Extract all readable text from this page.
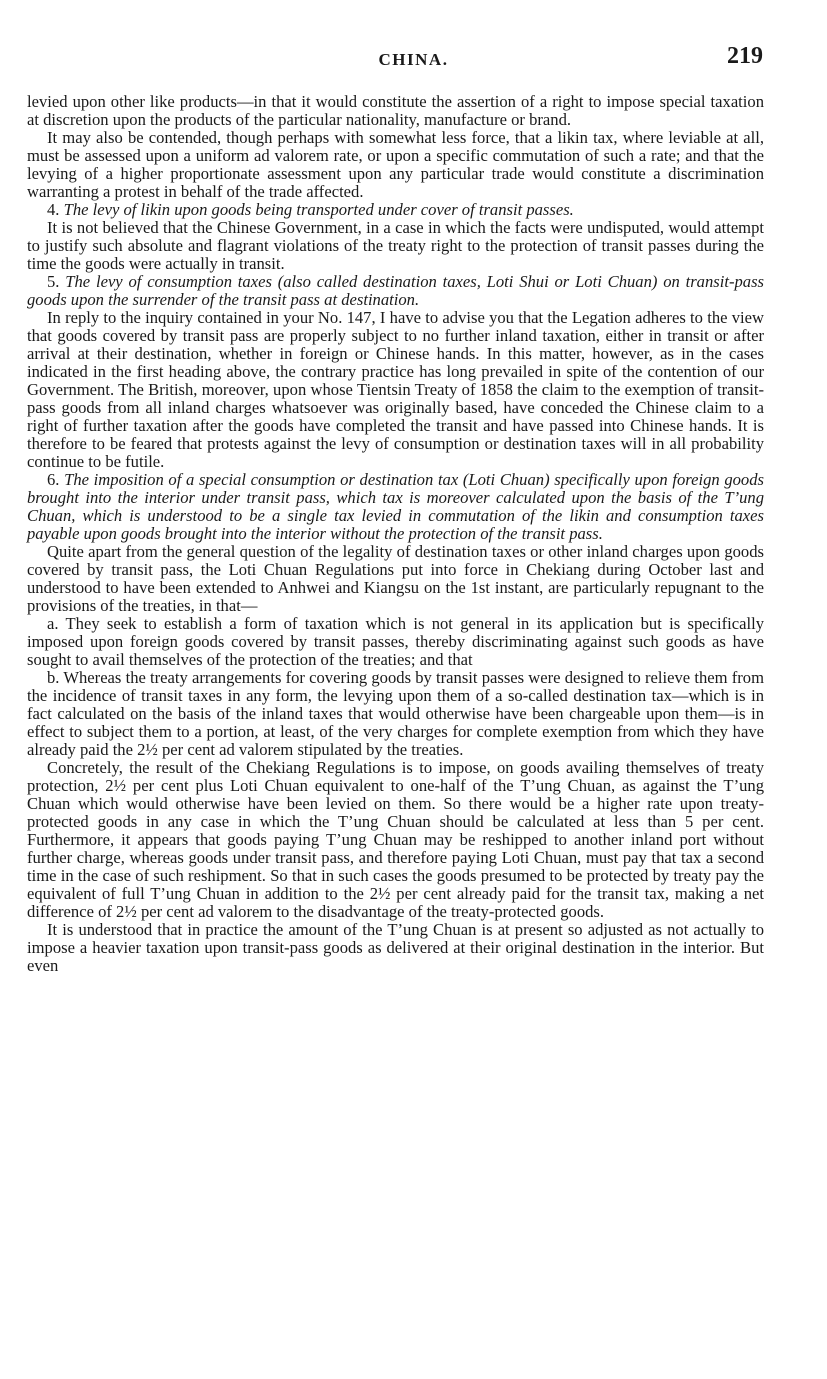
CHINA.	219

levied upon other like products—in that it would constitute the assertion of a right to impose special taxation at discretion upon the products of the particular nationality, manufacture or brand.

It may also be contended, though perhaps with somewhat less force, that a likin tax, where leviable at all, must be assessed upon a uniform ad valorem rate, or upon a specific commutation of such a rate; and that the levying of a higher proportionate assessment upon any particular trade would constitute a discrimination warranting a protest in behalf of the trade affected.

4. The levy of likin upon goods being transported under cover of transit passes.

It is not believed that the Chinese Government, in a case in which the facts were undisputed, would attempt to justify such absolute and flagrant violations of the treaty right to the protection of transit passes during the time the goods were actually in transit.

5. The levy of consumption taxes (also called destination taxes, Loti Shui or Loti Chuan) on transit-pass goods upon the surrender of the transit pass at destination.

In reply to the inquiry contained in your No. 147, I have to advise you that the Legation adheres to the view that goods covered by transit pass are properly subject to no further inland taxation, either in transit or after arrival at their destination, whether in foreign or Chinese hands. In this matter, however, as in the cases indicated in the first heading above, the contrary practice has long prevailed in spite of the contention of our Government. The British, moreover, upon whose Tientsin Treaty of 1858 the claim to the exemption of transit-pass goods from all inland charges whatsoever was originally based, have conceded the Chinese claim to a right of further taxation after the goods have completed the transit and have passed into Chinese hands. It is therefore to be feared that protests against the levy of consumption or destination taxes will in all probability continue to be futile.

6. The imposition of a special consumption or destination tax (Loti Chuan) specifically upon foreign goods brought into the interior under transit pass, which tax is moreover calculated upon the basis of the T’ung Chuan, which is understood to be a single tax levied in commutation of the likin and consumption taxes payable upon goods brought into the interior without the protection of the transit pass.

Quite apart from the general question of the legality of destination taxes or other inland charges upon goods covered by transit pass, the Loti Chuan Regulations put into force in Chekiang during October last and understood to have been extended to Anhwei and Kiangsu on the 1st instant, are particularly repugnant to the provisions of the treaties, in that—

a. They seek to establish a form of taxation which is not general in its application but is specifically imposed upon foreign goods covered by transit passes, thereby discriminating against such goods as have sought to avail themselves of the protection of the treaties; and that

b. Whereas the treaty arrangements for covering goods by transit passes were designed to relieve them from the incidence of transit taxes in any form, the levying upon them of a so-called destination tax—which is in fact calculated on the basis of the inland taxes that would otherwise have been chargeable upon them—is in effect to subject them to a portion, at least, of the very charges for complete exemption from which they have already paid the 2½ per cent ad valorem stipulated by the treaties.

Concretely, the result of the Chekiang Regulations is to impose, on goods availing themselves of treaty protection, 2½ per cent plus Loti Chuan equivalent to one-half of the T’ung Chuan, as against the T’ung Chuan which would otherwise have been levied on them. So there would be a higher rate upon treaty-protected goods in any case in which the T’ung Chuan should be calculated at less than 5 per cent. Furthermore, it appears that goods paying T’ung Chuan may be reshipped to another inland port without further charge, whereas goods under transit pass, and therefore paying Loti Chuan, must pay that tax a second time in the case of such reshipment. So that in such cases the goods presumed to be protected by treaty pay the equivalent of full T’ung Chuan in addition to the 2½ per cent already paid for the transit tax, making a net difference of 2½ per cent ad valorem to the disadvantage of the treaty-protected goods.

It is understood that in practice the amount of the T’ung Chuan is at present so adjusted as not actually to impose a heavier taxation upon transit-pass goods as delivered at their original destination in the interior. But even
